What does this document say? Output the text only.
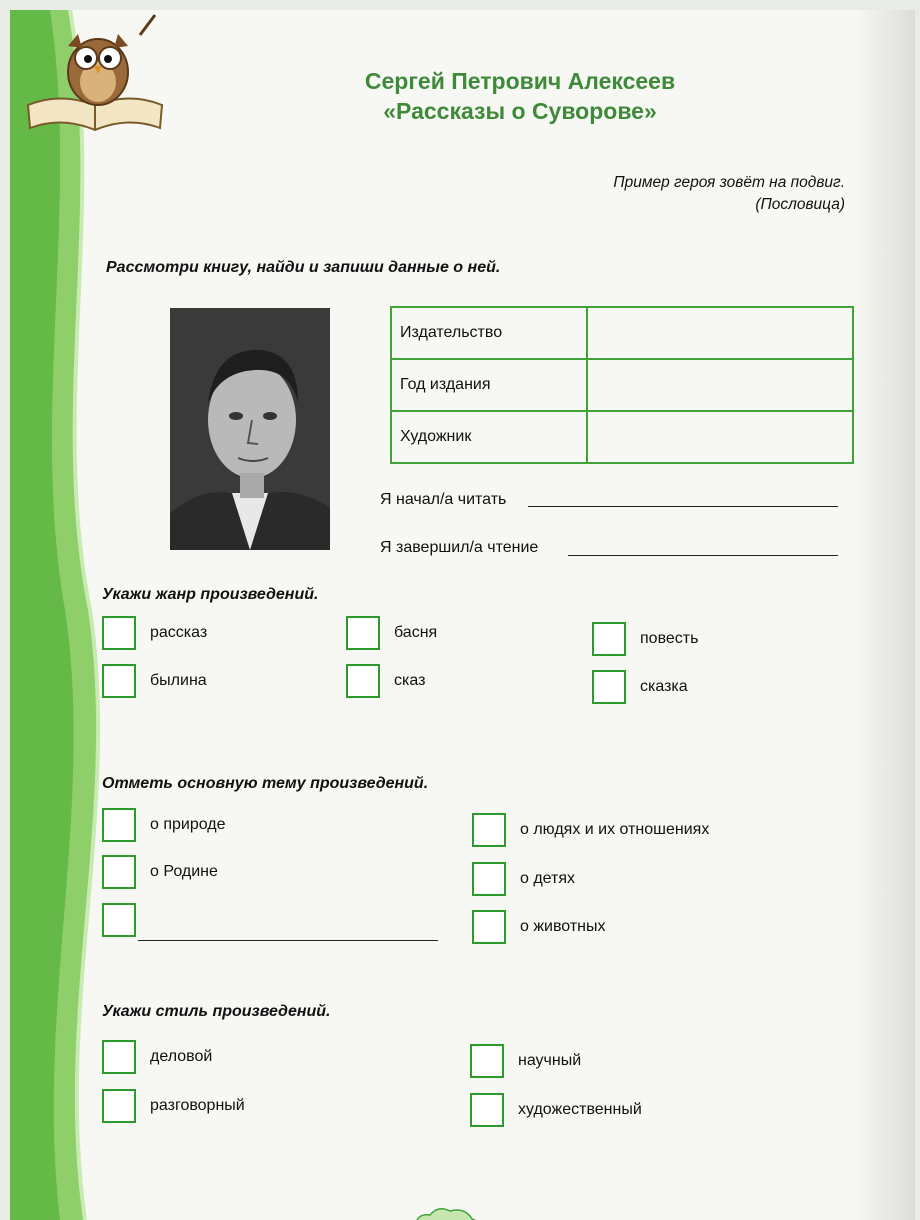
Сергей Петрович Алексеев
«Рассказы о Суворове»
Пример героя зовёт на подвиг.
(Пословица)
Рассмотри книгу, найди и запиши данные о ней.
Издательство	
Год издания	
Художник	
Я начал/а читать
Я завершил/а чтение
Укажи жанр произведений.
рассказ	басня	повесть
былина	сказ	сказка
Отметь основную тему произведений.
о природе	о людях и их отношениях
о Родине	о детях
о животных
Укажи стиль произведений.
деловой	научный
разговорный	художественный
